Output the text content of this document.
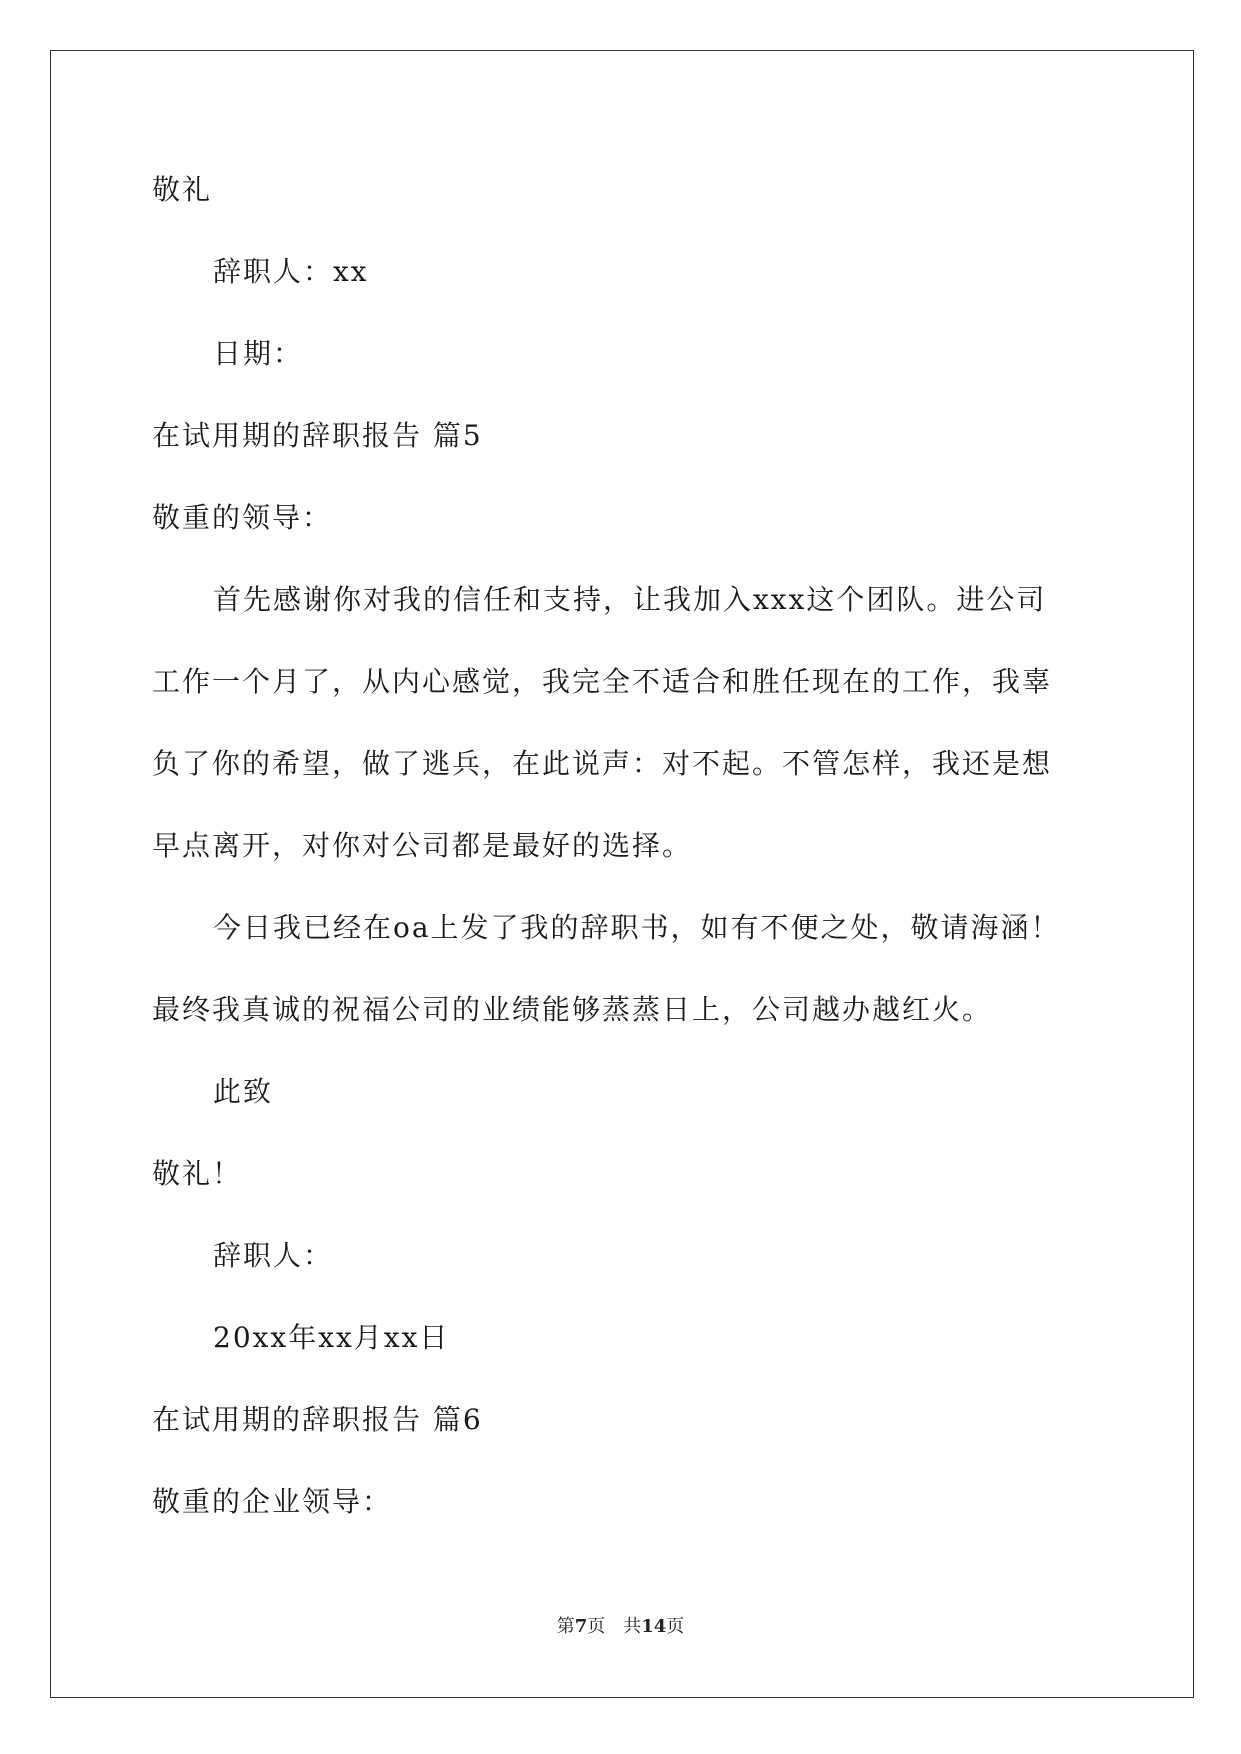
敬礼
辞职人：xx
日期：
在试用期的辞职报告 篇5
敬重的领导：
首先感谢你对我的信任和支持，让我加入xxx这个团队。进公司
工作一个月了，从内心感觉，我完全不适合和胜任现在的工作，我辜
负了你的希望，做了逃兵，在此说声：对不起。不管怎样，我还是想
早点离开，对你对公司都是最好的选择。
今日我已经在oa上发了我的辞职书，如有不便之处，敬请海涵！
最终我真诚的祝福公司的业绩能够蒸蒸日上，公司越办越红火。
此致
敬礼！
辞职人：
20xx年xx月xx日
在试用期的辞职报告 篇6
敬重的企业领导：
第7页 共14页
